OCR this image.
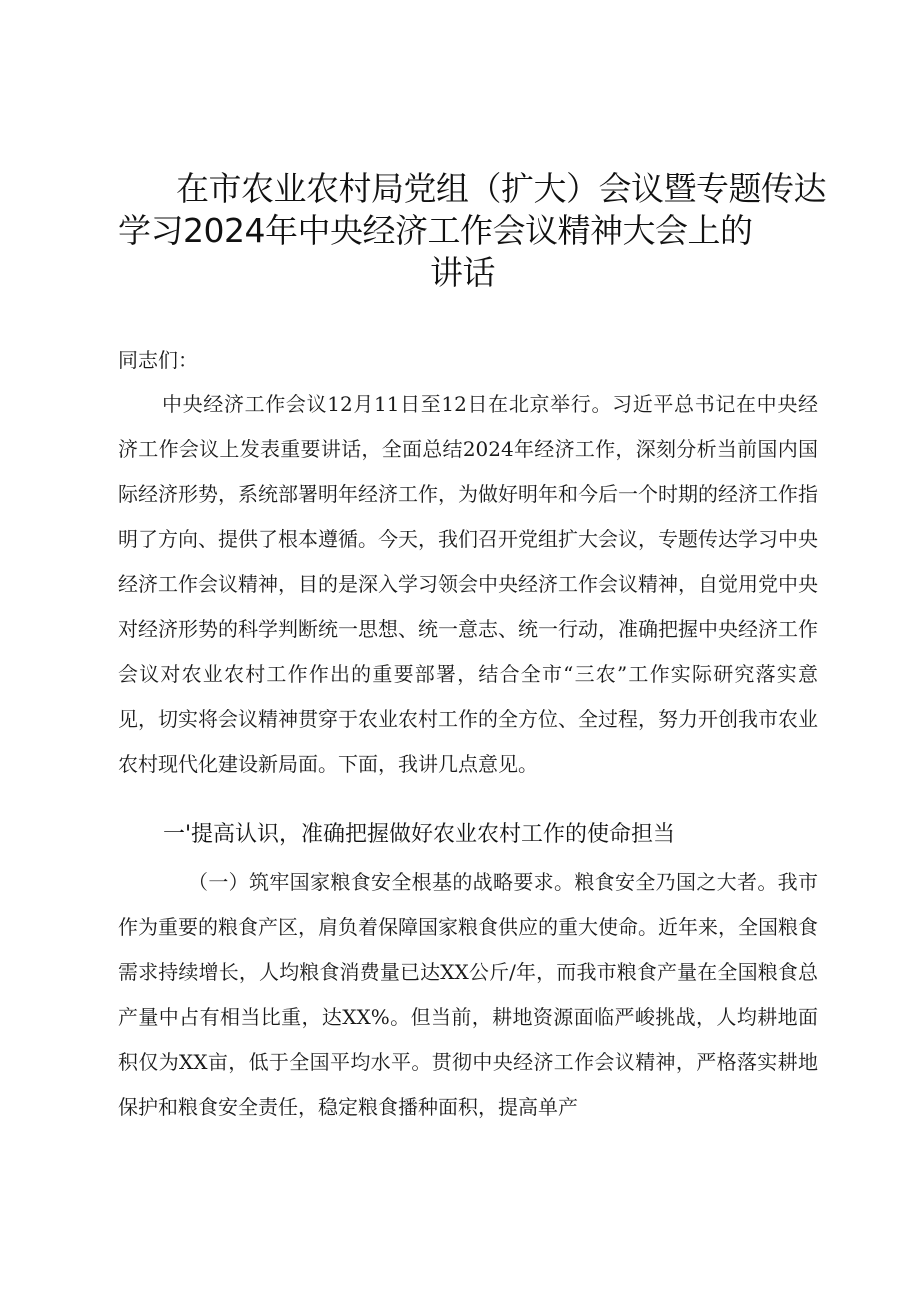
在市农业农村局党组（扩大）会议暨专题传达
学习2024年中央经济工作会议精神大会上的
讲话
同志们：
中央经济工作会议12月11日至12日在北京举行。习近平总书记在中央经济工作会议上发表重要讲话，全面总结2024年经济工作，深刻分析当前国内国际经济形势，系统部署明年经济工作，为做好明年和今后一个时期的经济工作指明了方向、提供了根本遵循。今天，我们召开党组扩大会议，专题传达学习中央经济工作会议精神，目的是深入学习领会中央经济工作会议精神，自觉用党中央对经济形势的科学判断统一思想、统一意志、统一行动，准确把握中央经济工作会议对农业农村工作作出的重要部署，结合全市“三农”工作实际研究落实意见，切实将会议精神贯穿于农业农村工作的全方位、全过程，努力开创我市农业农村现代化建设新局面。下面，我讲几点意见。
一'提高认识，准确把握做好农业农村工作的使命担当
（一）筑牢国家粮食安全根基的战略要求。粮食安全乃国之大者。我市作为重要的粮食产区，肩负着保障国家粮食供应的重大使命。近年来，全国粮食需求持续增长，人均粮食消费量已达XX公斤/年，而我市粮食产量在全国粮食总产量中占有相当比重，达XX%。但当前，耕地资源面临严峻挑战，人均耕地面积仅为XX亩，低于全国平均水平。贯彻中央经济工作会议精神，严格落实耕地保护和粮食安全责任，稳定粮食播种面积，提高单产
